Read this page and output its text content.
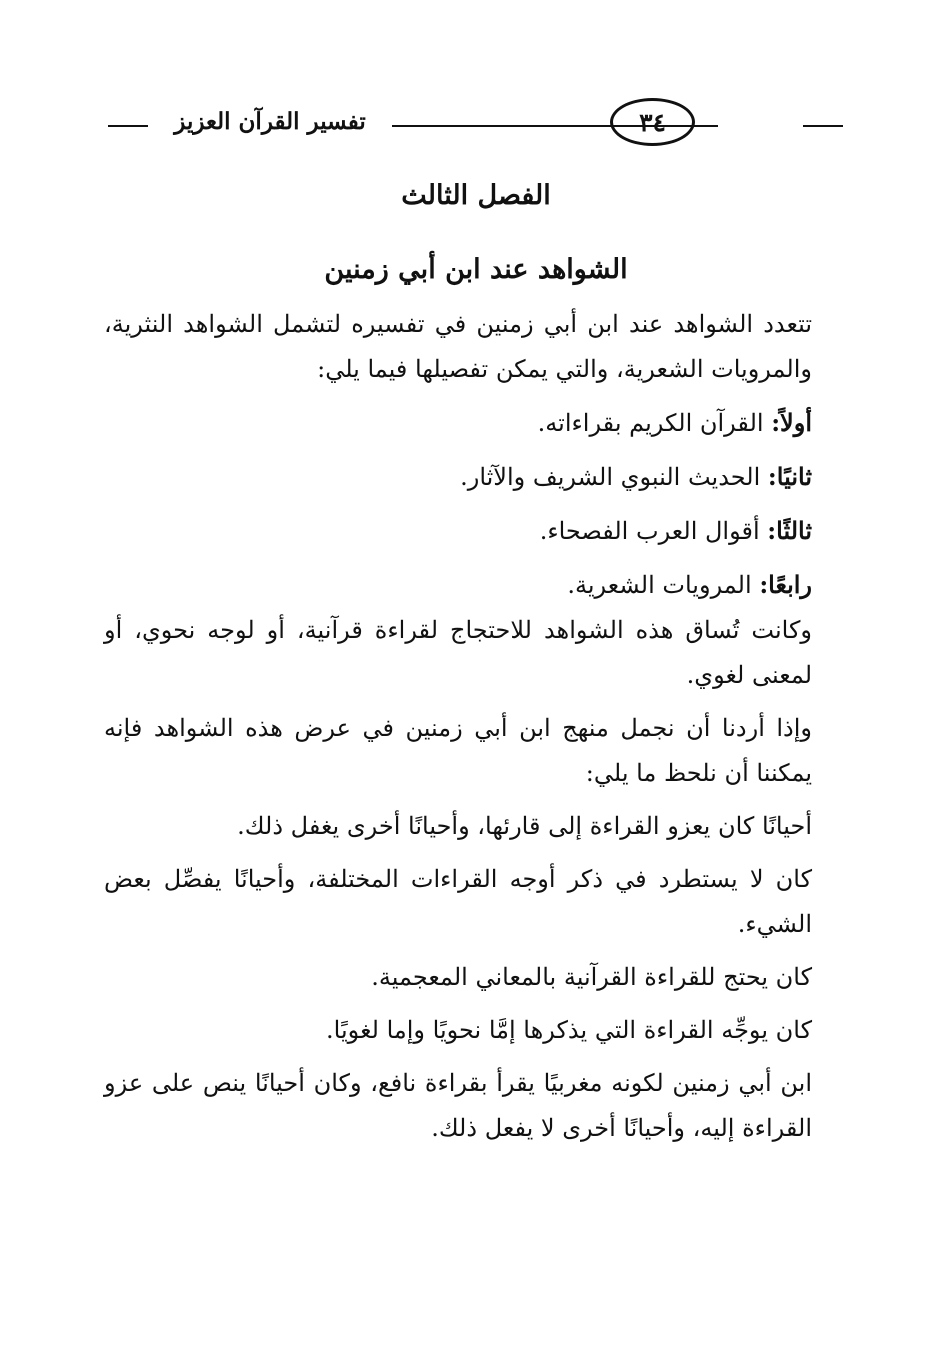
تفسير القرآن العزيز	٣٤
الفصل الثالث
الشواهد عند ابن أبي زمنين

تتعدد الشواهد عند ابن أبي زمنين في تفسيره لتشمل الشواهد النثرية، والمرويات الشعرية، والتي يمكن تفصيلها فيما يلي:

أولاً: القرآن الكريم بقراءاته.
ثانيًا: الحديث النبوي الشريف والآثار.
ثالثًا: أقوال العرب الفصحاء.
رابعًا: المرويات الشعرية.

وكانت تُساق هذه الشواهد للاحتجاج لقراءة قرآنية، أو لوجه نحوي، أو لمعنى لغوي.

وإذا أردنا أن نجمل منهج ابن أبي زمنين في عرض هذه الشواهد فإنه يمكننا أن نلحظ ما يلي:

أحيانًا كان يعزو القراءة إلى قارئها، وأحيانًا أخرى يغفل ذلك.

كان لا يستطرد في ذكر أوجه القراءات المختلفة، وأحيانًا يفصِّل بعض الشيء.

كان يحتج للقراءة القرآنية بالمعاني المعجمية.

كان يوجِّه القراءة التي يذكرها إمَّا نحويًا وإما لغويًا.

ابن أبي زمنين لكونه مغربيًا يقرأ بقراءة نافع، وكان أحيانًا ينص على عزو القراءة إليه، وأحيانًا أخرى لا يفعل ذلك.
